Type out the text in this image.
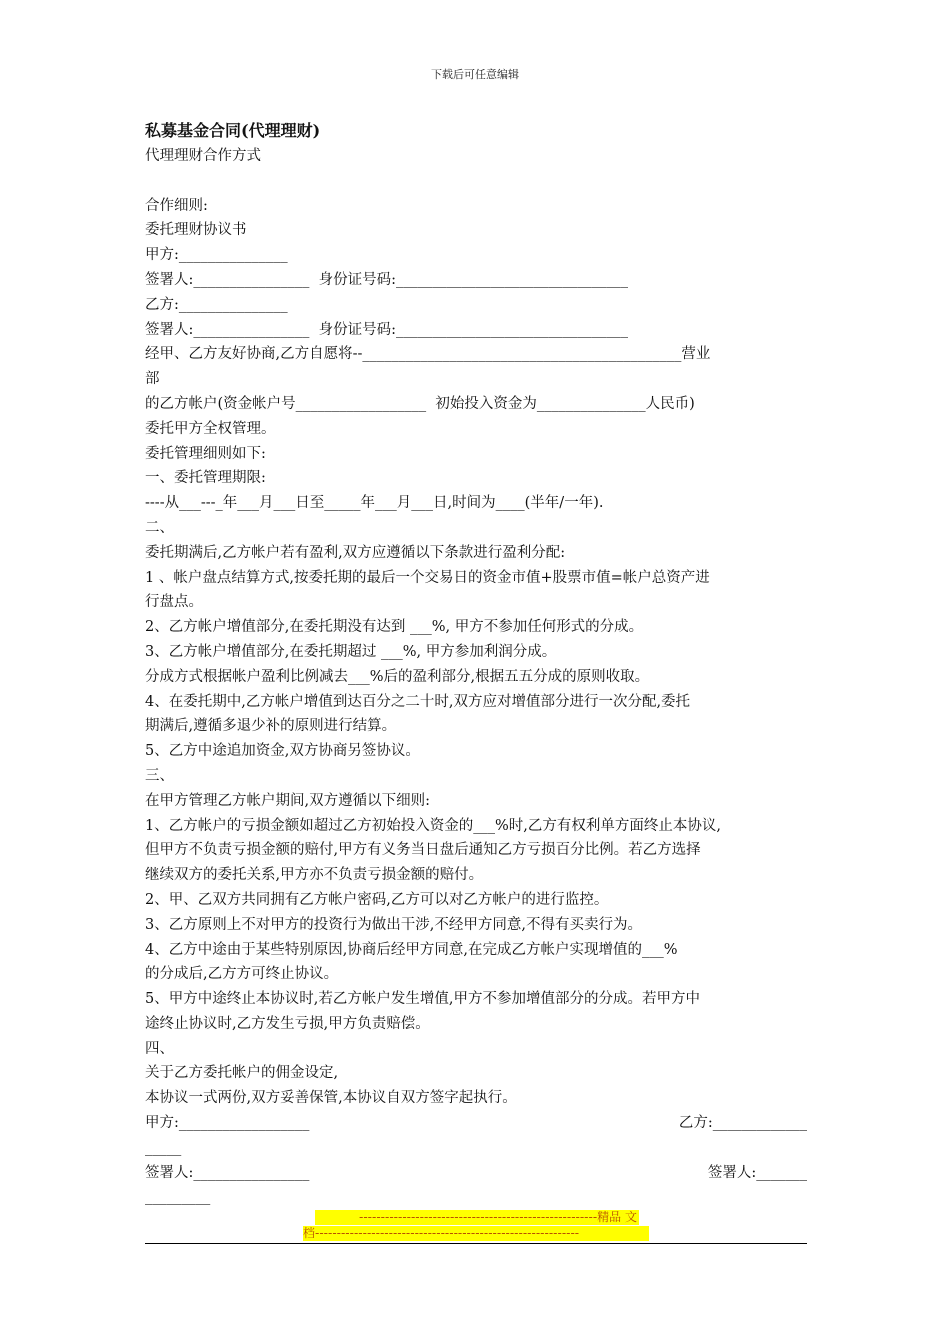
下载后可任意编辑
私募基金合同(代理理财)
代理理财合作方式
合作细则:
委托理财协议书
甲方:_______________
签署人:________________  身份证号码:________________________________
乙方:_______________
签署人:________________  身份证号码:________________________________
经甲、乙方友好协商,乙方自愿将--____________________________________________营业
部
的乙方帐户(资金帐户号__________________  初始投入资金为_______________人民币)
委托甲方全权管理。
委托管理细则如下:
一、委托管理期限:
----从___---_年___月___日至_____年___月___日,时间为____(半年/一年).
二、
委托期满后,乙方帐户若有盈利,双方应遵循以下条款进行盈利分配:
1 、帐户盘点结算方式,按委托期的最后一个交易日的资金市值+股票市值=帐户总资产进
行盘点。
2、乙方帐户增值部分,在委托期没有达到 ___%, 甲方不参加任何形式的分成。
3、乙方帐户增值部分,在委托期超过 ___%, 甲方参加利润分成。
分成方式根据帐户盈利比例减去___%后的盈利部分,根据五五分成的原则收取。
4、在委托期中,乙方帐户增值到达百分之二十时,双方应对增值部分进行一次分配,委托
期满后,遵循多退少补的原则进行结算。
5、乙方中途追加资金,双方协商另签协议。
三、
在甲方管理乙方帐户期间,双方遵循以下细则:
1、乙方帐户的亏损金额如超过乙方初始投入资金的___%时,乙方有权利单方面终止本协议,
但甲方不负责亏损金额的赔付,甲方有义务当日盘后通知乙方亏损百分比例。若乙方选择
继续双方的委托关系,甲方亦不负责亏损金额的赔付。
2、甲、乙双方共同拥有乙方帐户密码,乙方可以对乙方帐户的进行监控。
3、乙方原则上不对甲方的投资行为做出干涉,不经甲方同意,不得有买卖行为。
4、乙方中途由于某些特别原因,协商后经甲方同意,在完成乙方帐户实现增值的___%
的分成后,乙方方可终止协议。
5、甲方中途终止本协议时,若乙方帐户发生增值,甲方不参加增值部分的分成。若甲方中
途终止协议时,乙方发生亏损,甲方负责赔偿。
四、
关于乙方委托帐户的佣金设定,
本协议一式两份,双方妥善保管,本协议自双方签字起执行。
甲方:__________________	乙方:_____________
_____
签署人:________________	签署人:_______
_________
-------------------------------------------------------精品 文
档-------------------------------------------------------------
